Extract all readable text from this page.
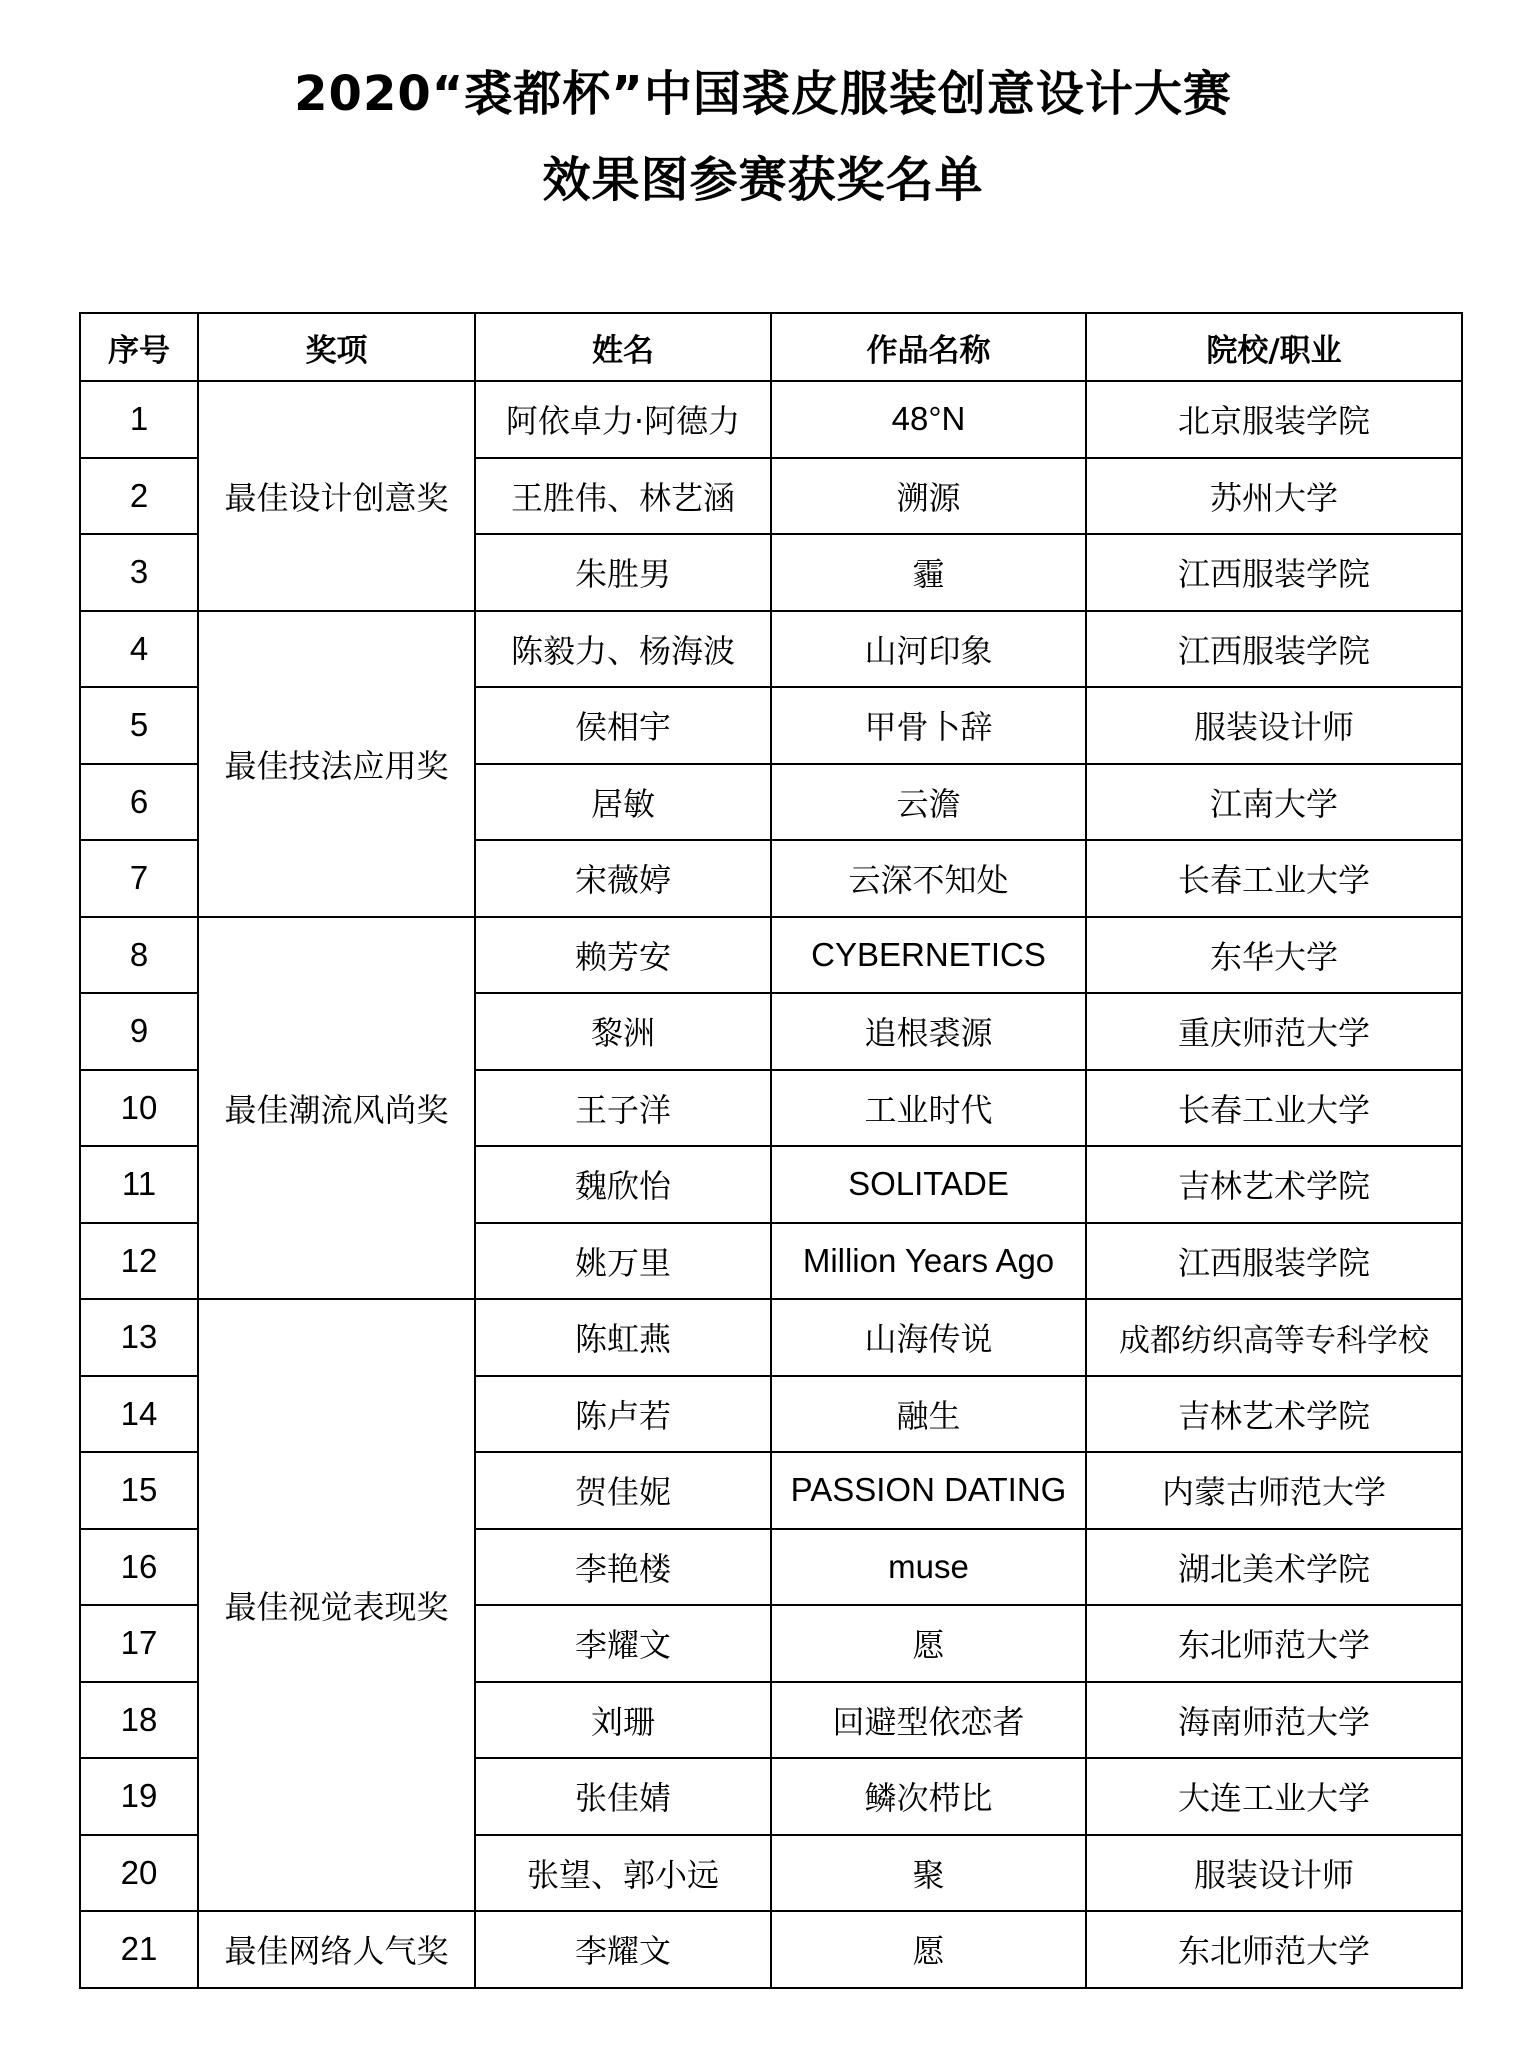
2020“裘都杯”中国裘皮服装创意设计大赛
效果图参赛获奖名单
序号	奖项	姓名	作品名称	院校/职业
1	最佳设计创意奖	阿依卓力·阿德力	48°N	北京服装学院
2		王胜伟、林艺涵	溯源	苏州大学
3		朱胜男	霾	江西服装学院
4	最佳技法应用奖	陈毅力、杨海波	山河印象	江西服装学院
5		侯相宇	甲骨卜辞	服装设计师
6		居敏	云澹	江南大学
7		宋薇婷	云深不知处	长春工业大学
8	最佳潮流风尚奖	赖芳安	CYBERNETICS	东华大学
9		黎洲	追根裘源	重庆师范大学
10		王子洋	工业时代	长春工业大学
11		魏欣怡	SOLITADE	吉林艺术学院
12		姚万里	Million Years Ago	江西服装学院
13	最佳视觉表现奖	陈虹燕	山海传说	成都纺织高等专科学校
14		陈卢若	融生	吉林艺术学院
15		贺佳妮	PASSION DATING	内蒙古师范大学
16		李艳楼	muse	湖北美术学院
17		李耀文	愿	东北师范大学
18		刘珊	回避型依恋者	海南师范大学
19		张佳婧	鳞次栉比	大连工业大学
20		张望、郭小远	聚	服装设计师
21	最佳网络人气奖	李耀文	愿	东北师范大学
